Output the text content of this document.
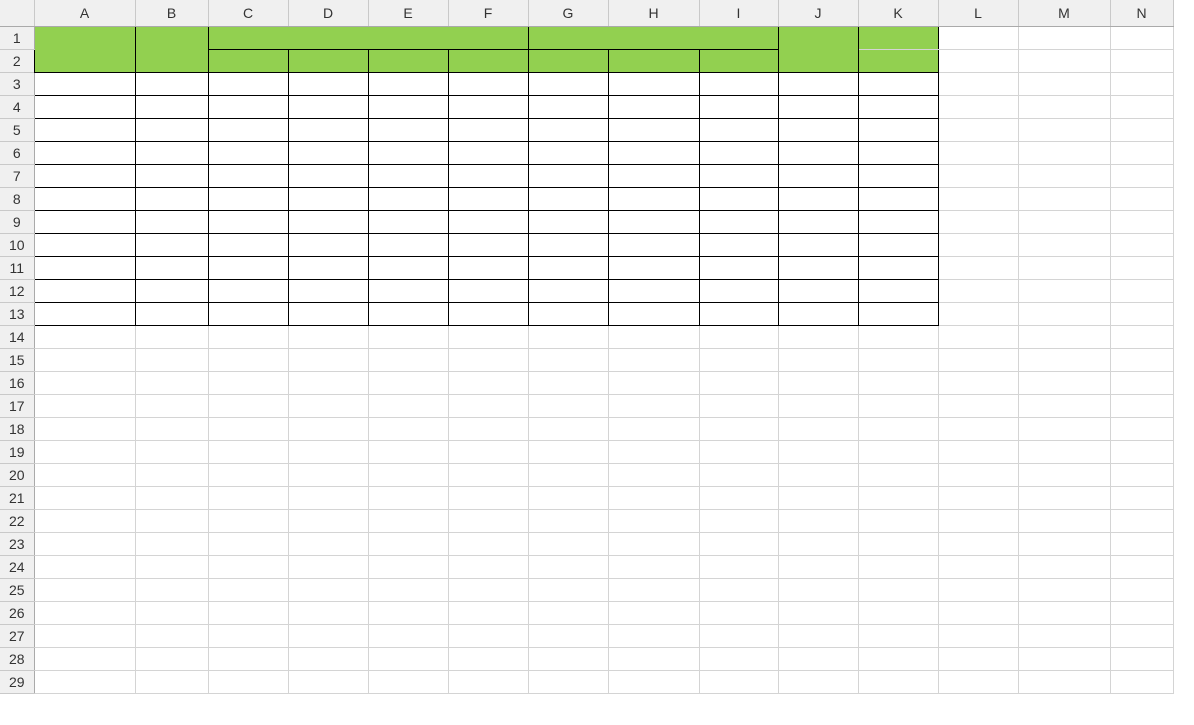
	A	B	C	D	E	F	G	H	I	J	K	L	M	N
1														
2														
3														
4														
5														
6														
7														
8														
9														
10														
11														
12														
13														
14														
15														
16														
17														
18														
19														
20														
21														
22														
23														
24														
25														
26														
27														
28														
29														
